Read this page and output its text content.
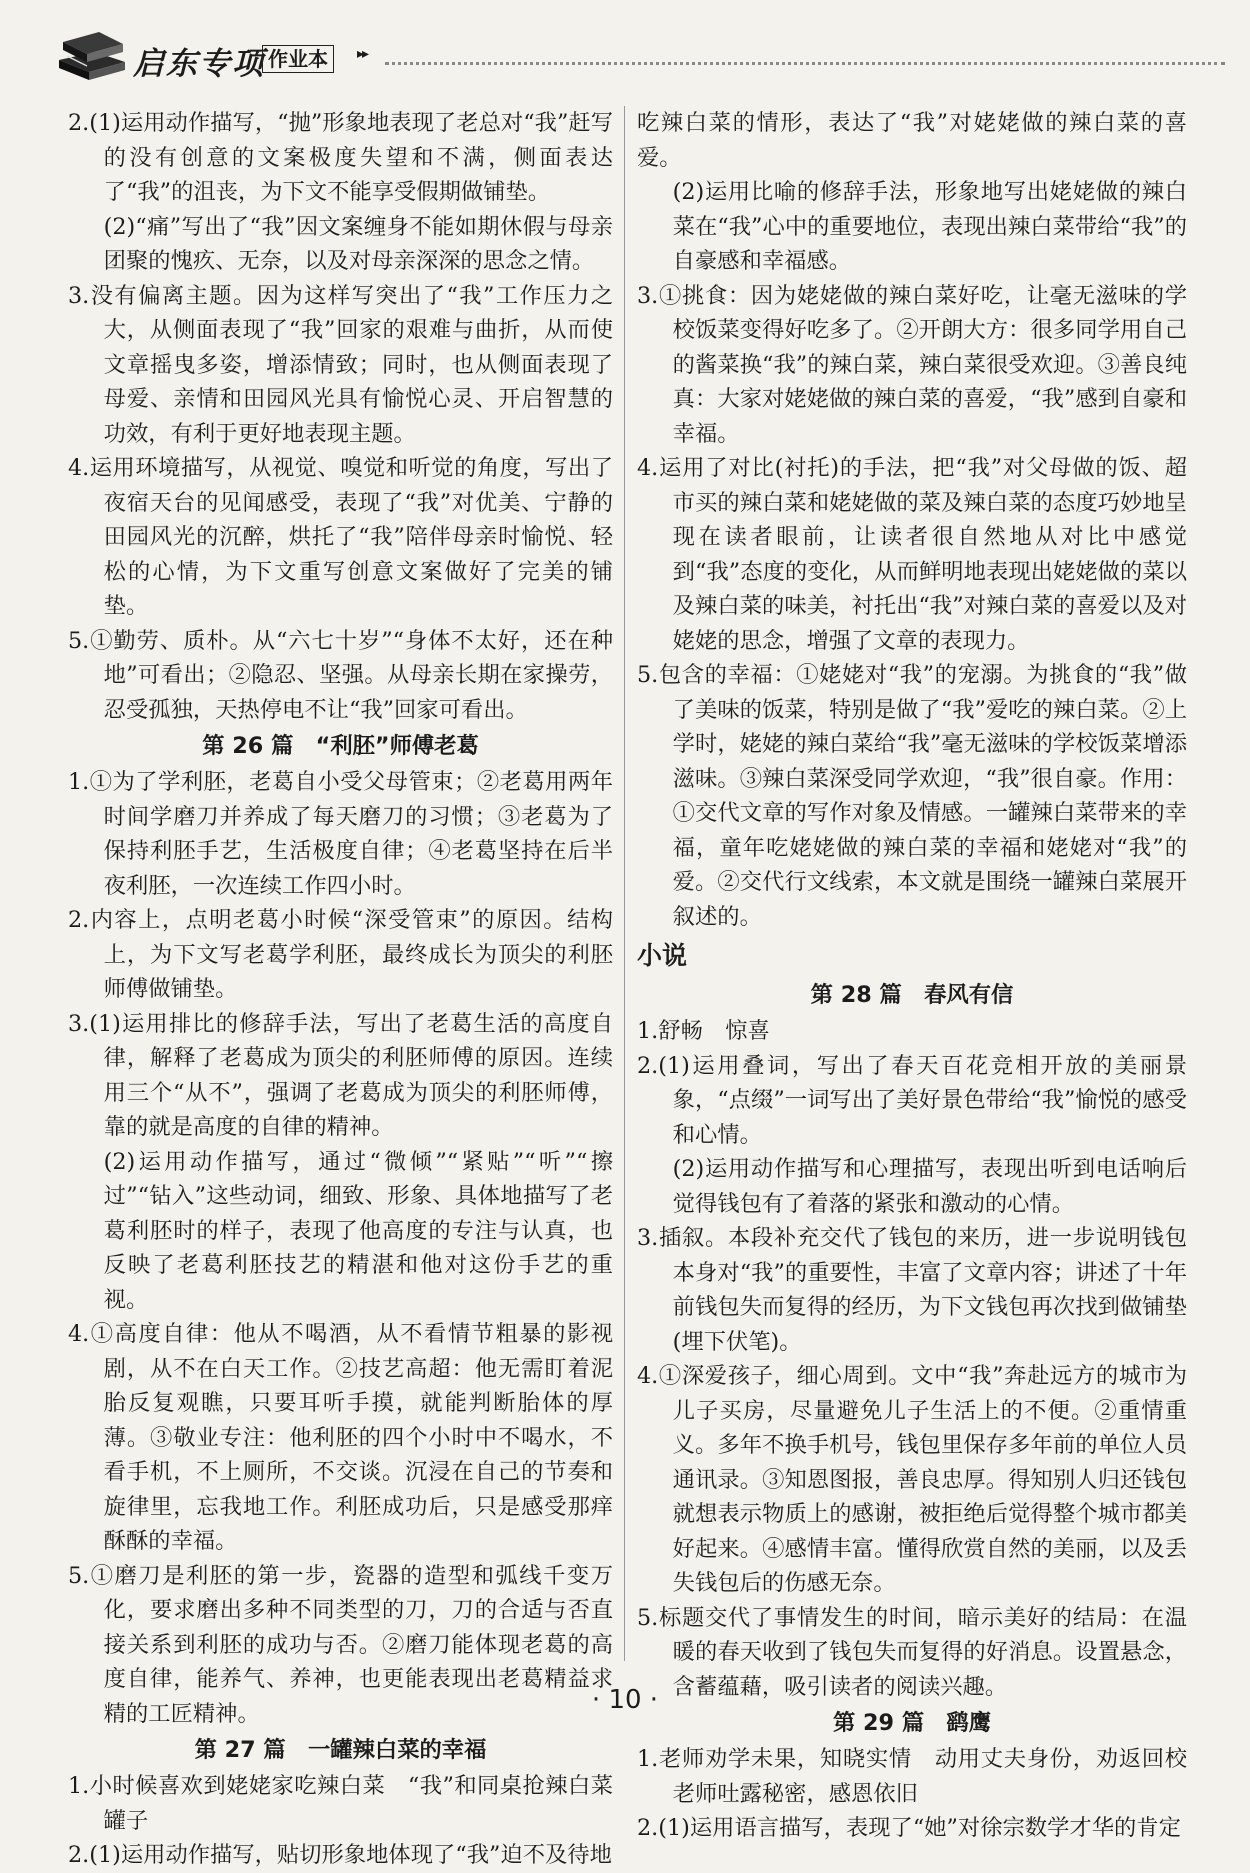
启东专项 作业本	▸▸

2.(1)运用动作描写，“抛”形象地表现了老总对“我”赶写的没有创意的文案极度失望和不满，侧面表达了“我”的沮丧，为下文不能享受假期做铺垫。

(2)“痛”写出了“我”因文案缠身不能如期休假与母亲团聚的愧疚、无奈，以及对母亲深深的思念之情。

3.没有偏离主题。因为这样写突出了“我”工作压力之大，从侧面表现了“我”回家的艰难与曲折，从而使文章摇曳多姿，增添情致；同时，也从侧面表现了母爱、亲情和田园风光具有愉悦心灵、开启智慧的功效，有利于更好地表现主题。

4.运用环境描写，从视觉、嗅觉和听觉的角度，写出了夜宿天台的见闻感受，表现了“我”对优美、宁静的田园风光的沉醉，烘托了“我”陪伴母亲时愉悦、轻松的心情，为下文重写创意文案做好了完美的铺垫。

5.①勤劳、质朴。从“六七十岁”“身体不太好，还在种地”可看出；②隐忍、坚强。从母亲长期在家操劳，忍受孤独，天热停电不让“我”回家可看出。

第 26 篇　“利胚”师傅老葛

1.①为了学利胚，老葛自小受父母管束；②老葛用两年时间学磨刀并养成了每天磨刀的习惯；③老葛为了保持利胚手艺，生活极度自律；④老葛坚持在后半夜利胚，一次连续工作四小时。

2.内容上，点明老葛小时候“深受管束”的原因。结构上，为下文写老葛学利胚，最终成长为顶尖的利胚师傅做铺垫。

3.(1)运用排比的修辞手法，写出了老葛生活的高度自律，解释了老葛成为顶尖的利胚师傅的原因。连续用三个“从不”，强调了老葛成为顶尖的利胚师傅，靠的就是高度的自律的精神。

(2)运用动作描写，通过“微倾”“紧贴”“听”“擦过”“钻入”这些动词，细致、形象、具体地描写了老葛利胚时的样子，表现了他高度的专注与认真，也反映了老葛利胚技艺的精湛和他对这份手艺的重视。

4.①高度自律：他从不喝酒，从不看情节粗暴的影视剧，从不在白天工作。②技艺高超：他无需盯着泥胎反复观瞧，只要耳听手摸，就能判断胎体的厚薄。③敬业专注：他利胚的四个小时中不喝水，不看手机，不上厕所，不交谈。沉浸在自己的节奏和旋律里，忘我地工作。利胚成功后，只是感受那痒酥酥的幸福。

5.①磨刀是利胚的第一步，瓷器的造型和弧线千变万化，要求磨出多种不同类型的刀，刀的合适与否直接关系到利胚的成功与否。②磨刀能体现老葛的高度自律，能养气、养神，也更能表现出老葛精益求精的工匠精神。

第 27 篇　一罐辣白菜的幸福

1.小时候喜欢到姥姥家吃辣白菜　“我”和同桌抢辣白菜罐子

2.(1)运用动作描写，贴切形象地体现了“我”迫不及待地

吃辣白菜的情形，表达了“我”对姥姥做的辣白菜的喜爱。

(2)运用比喻的修辞手法，形象地写出姥姥做的辣白菜在“我”心中的重要地位，表现出辣白菜带给“我”的自豪感和幸福感。

3.①挑食：因为姥姥做的辣白菜好吃，让毫无滋味的学校饭菜变得好吃多了。②开朗大方：很多同学用自己的酱菜换“我”的辣白菜，辣白菜很受欢迎。③善良纯真：大家对姥姥做的辣白菜的喜爱，“我”感到自豪和幸福。

4.运用了对比(衬托)的手法，把“我”对父母做的饭、超市买的辣白菜和姥姥做的菜及辣白菜的态度巧妙地呈现在读者眼前，让读者很自然地从对比中感觉到“我”态度的变化，从而鲜明地表现出姥姥做的菜以及辣白菜的味美，衬托出“我”对辣白菜的喜爱以及对姥姥的思念，增强了文章的表现力。

5.包含的幸福：①姥姥对“我”的宠溺。为挑食的“我”做了美味的饭菜，特别是做了“我”爱吃的辣白菜。②上学时，姥姥的辣白菜给“我”毫无滋味的学校饭菜增添滋味。③辣白菜深受同学欢迎，“我”很自豪。作用：①交代文章的写作对象及情感。一罐辣白菜带来的幸福，童年吃姥姥做的辣白菜的幸福和姥姥对“我”的爱。②交代行文线索，本文就是围绕一罐辣白菜展开叙述的。

小说
第 28 篇　春风有信

1.舒畅　惊喜

2.(1)运用叠词，写出了春天百花竞相开放的美丽景象，“点缀”一词写出了美好景色带给“我”愉悦的感受和心情。

(2)运用动作描写和心理描写，表现出听到电话响后觉得钱包有了着落的紧张和激动的心情。

3.插叙。本段补充交代了钱包的来历，进一步说明钱包本身对“我”的重要性，丰富了文章内容；讲述了十年前钱包失而复得的经历，为下文钱包再次找到做铺垫(埋下伏笔)。

4.①深爱孩子，细心周到。文中“我”奔赴远方的城市为儿子买房，尽量避免儿子生活上的不便。②重情重义。多年不换手机号，钱包里保存多年前的单位人员通讯录。③知恩图报，善良忠厚。得知别人归还钱包就想表示物质上的感谢，被拒绝后觉得整个城市都美好起来。④感情丰富。懂得欣赏自然的美丽，以及丢失钱包后的伤感无奈。

5.标题交代了事情发生的时间，暗示美好的结局：在温暖的春天收到了钱包失而复得的好消息。设置悬念，含蓄蕴藉，吸引读者的阅读兴趣。

第 29 篇　鹞鹰

1.老师劝学未果，知晓实情　动用丈夫身份，劝返回校　老师吐露秘密，感恩依旧

2.(1)运用语言描写，表现了“她”对徐宗数学才华的肯定

· 10 ·
